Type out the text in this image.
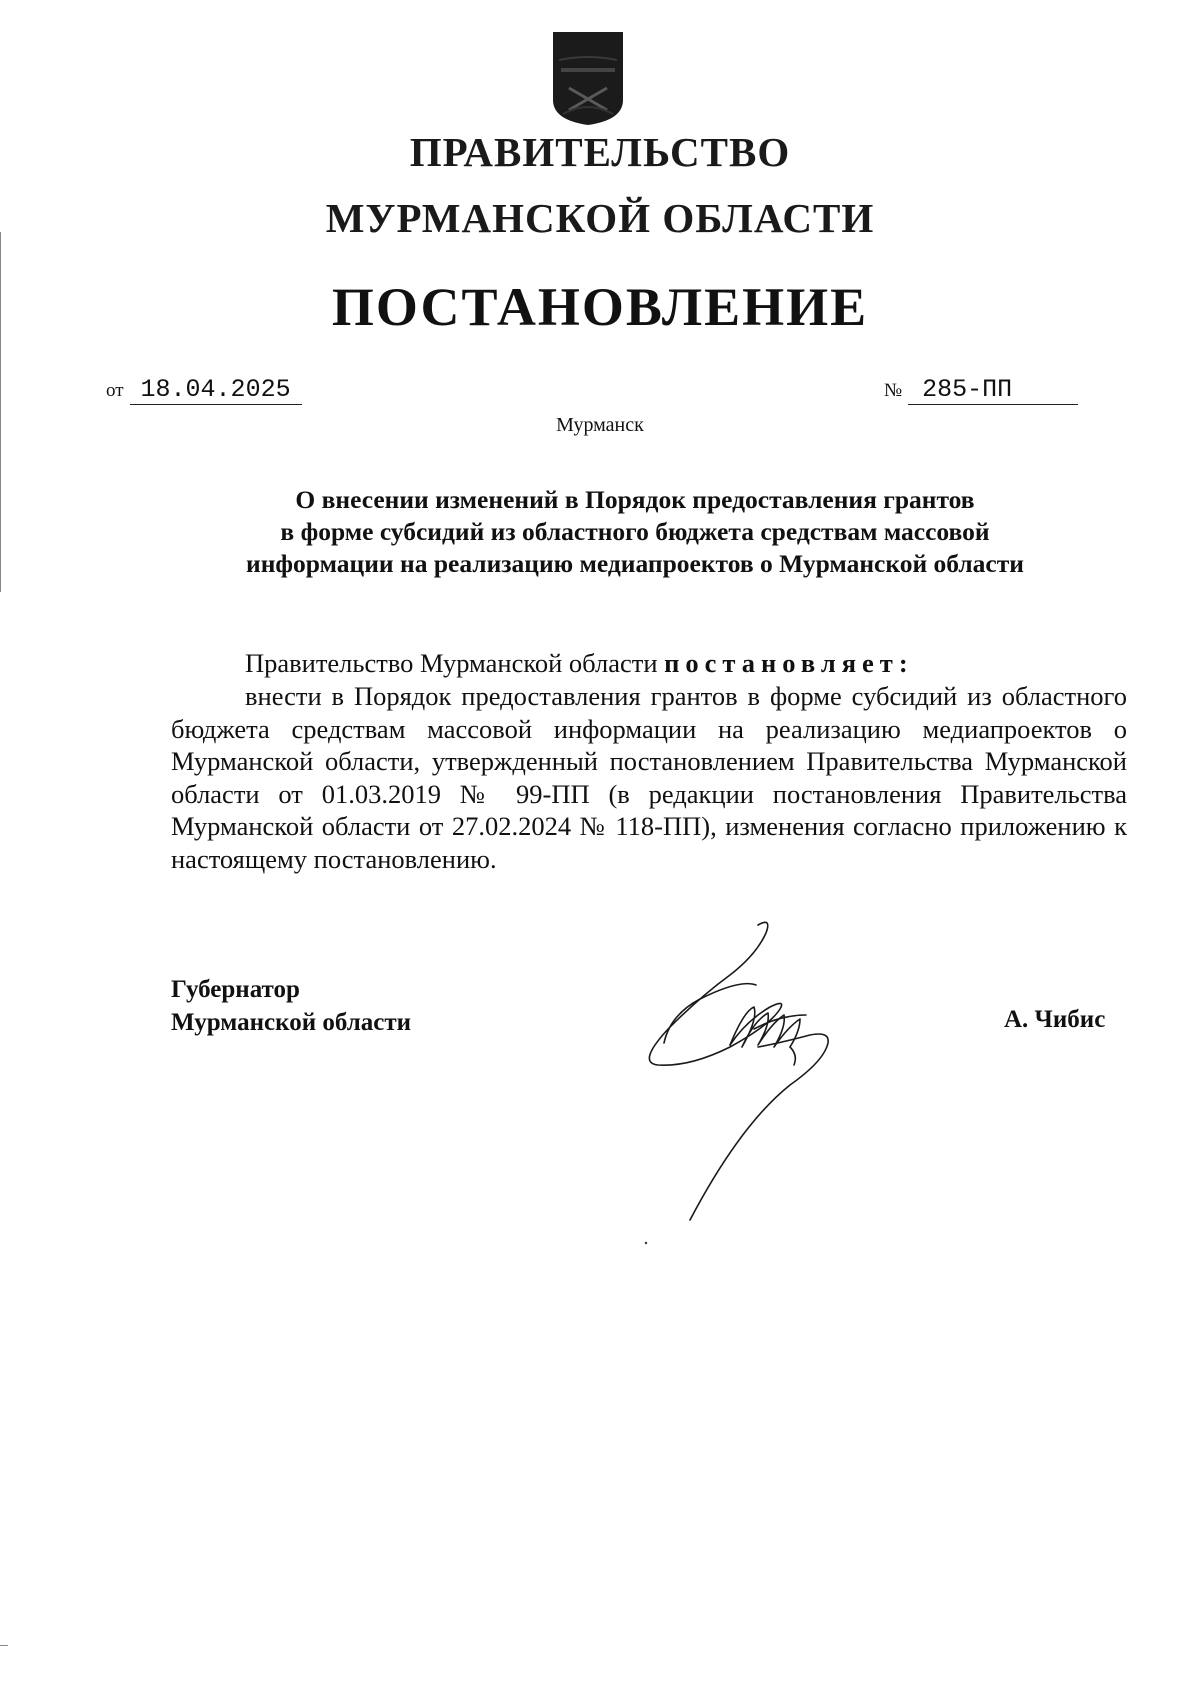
ПРАВИТЕЛЬСТВО
МУРМАНСКОЙ ОБЛАСТИ
ПОСТАНОВЛЕНИЕ
от 18.04.2025	№ 285-ПП
Мурманск
О внесении изменений в Порядок предоставления грантов
в форме субсидий из областного бюджета средствам массовой
информации на реализацию медиапроектов о Мурманской области
Правительство Мурманской области постановляет:
внести в Порядок предоставления грантов в форме субсидий из областного бюджета средствам массовой информации на реализацию медиапроектов о Мурманской области, утвержденный постановлением Правительства Мурманской области от 01.03.2019 № 99-ПП (в редакции постановления Правительства Мурманской области от 27.02.2024 № 118-ПП), изменения согласно приложению к настоящему постановлению.
Губернатор
Мурманской области	А. Чибис
